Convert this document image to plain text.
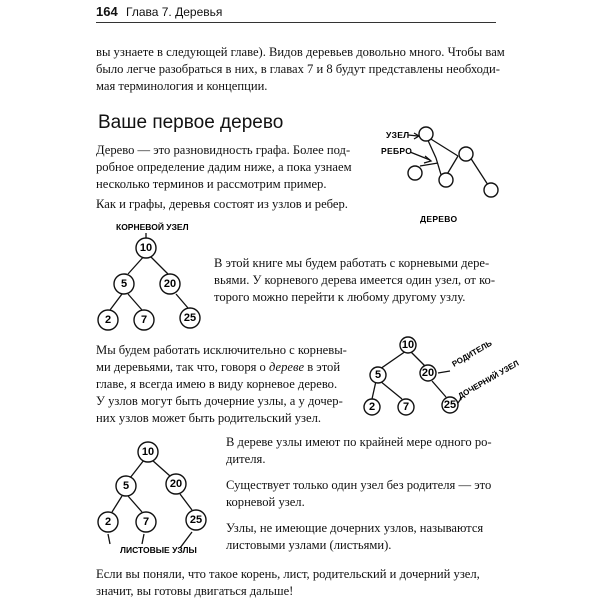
164 Глава 7. Деревья

вы узнаете в следующей главе). Видов деревьев довольно много. Чтобы вам

было легче разобраться в них, в главах 7 и 8 будут представлены необходи-

мая терминология и концепции.

Ваше первое дерево

Дерево — это разновидность графа. Более под-

робное определение дадим ниже, а пока узнаем

несколько терминов и рассмотрим пример.

Как и графы, деревья состоят из узлов и ребер.
УЗЕЛ
РЕБРО
ДЕРЕВО
КОРНЕВОЙ УЗЕЛ
10
5	20
2	7	25

В этой книге мы будем работать с корневыми дере-

вьями. У корневого дерева имеется один узел, от ко-

торого можно перейти к любому другому узлу.

Мы будем работать исключительно с корневы-

ми деревьями, так что, говоря о дереве в этой

главе, я всегда имею в виду корневое дерево.

У узлов могут быть дочерние узлы, а у дочер-

них узлов может быть родительский узел.

10
5	20
2	7	25
РОДИТЕЛЬ
ДОЧЕРНИЙ УЗЕЛ
10
5	20
2	7	25
ЛИСТОВЫЕ УЗЛЫ

В дереве узлы имеют по крайней мере одного ро-

дителя.

Существует только один узел без родителя — это

корневой узел.

Узлы, не имеющие дочерних узлов, называются

листовыми узлами (листьями).

Если вы поняли, что такое корень, лист, родительский и дочерний узел,

значит, вы готовы двигаться дальше!
